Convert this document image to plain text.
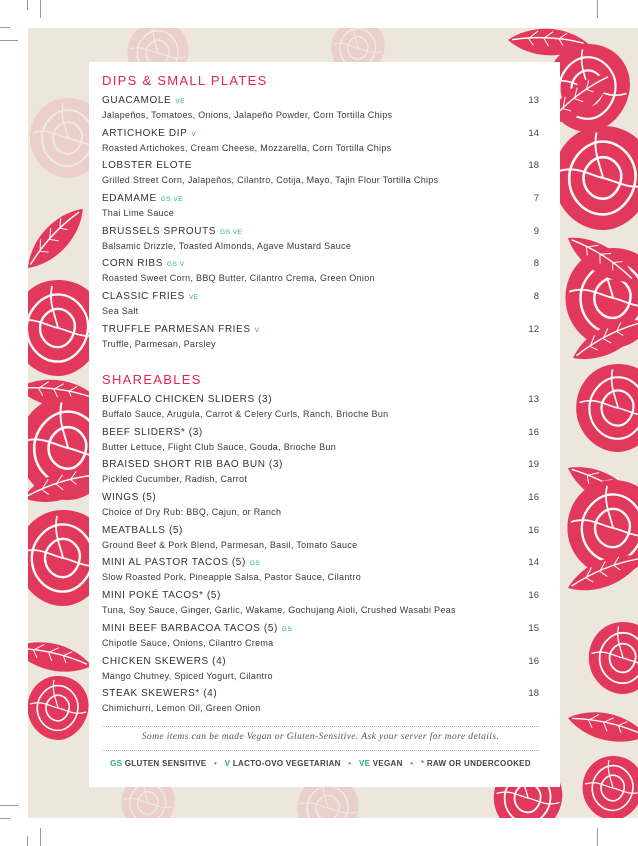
DIPS & SMALL PLATES
GUACAMOLE VE	13
Jalapeños, Tomatoes, Onions, Jalapeño Powder, Corn Tortilla Chips
ARTICHOKE DIP V	14
Roasted Artichokes, Cream Cheese, Mozzarella, Corn Tortilla Chips
LOBSTER ELOTE	18
Grilled Street Corn, Jalapeños, Cilantro, Cotija, Mayo, Tajin Flour Tortilla Chips
EDAMAME GS VE	7
Thai Lime Sauce
BRUSSELS SPROUTS GS VE	9
Balsamic Drizzle, Toasted Almonds, Agave Mustard Sauce
CORN RIBS GS V	8
Roasted Sweet Corn, BBQ Butter, Cilantro Crema, Green Onion
CLASSIC FRIES VE	8
Sea Salt
TRUFFLE PARMESAN FRIES V	12
Truffle, Parmesan, Parsley
SHAREABLES
BUFFALO CHICKEN SLIDERS (3)	13
Buffalo Sauce, Arugula, Carrot & Celery Curls, Ranch, Brioche Bun
BEEF SLIDERS* (3)	16
Butter Lettuce, Flight Club Sauce, Gouda, Brioche Bun
BRAISED SHORT RIB BAO BUN (3)	19
Pickled Cucumber, Radish, Carrot
WINGS (5)	16
Choice of Dry Rub: BBQ, Cajun, or Ranch
MEATBALLS (5)	16
Ground Beef & Pork Blend, Parmesan, Basil, Tomato Sauce
MINI AL PASTOR TACOS (5) GS	14
Slow Roasted Pork, Pineapple Salsa, Pastor Sauce, Cilantro
MINI POKÉ TACOS* (5)	16
Tuna, Soy Sauce, Ginger, Garlic, Wakame, Gochujang Aioli, Crushed Wasabi Peas
MINI BEEF BARBACOA TACOS (5) GS	15
Chipotle Sauce, Onions, Cilantro Crema
CHICKEN SKEWERS (4)	16
Mango Chutney, Spiced Yogurt, Cilantro
STEAK SKEWERS* (4)	18
Chimichurri, Lemon Oil, Green Onion

Some items can be made Vegan or Gluten-Sensitive. Ask your server for more details.

GS GLUTEN SENSITIVE • V LACTO-OVO VEGETARIAN • VE VEGAN • * RAW OR UNDERCOOKED
